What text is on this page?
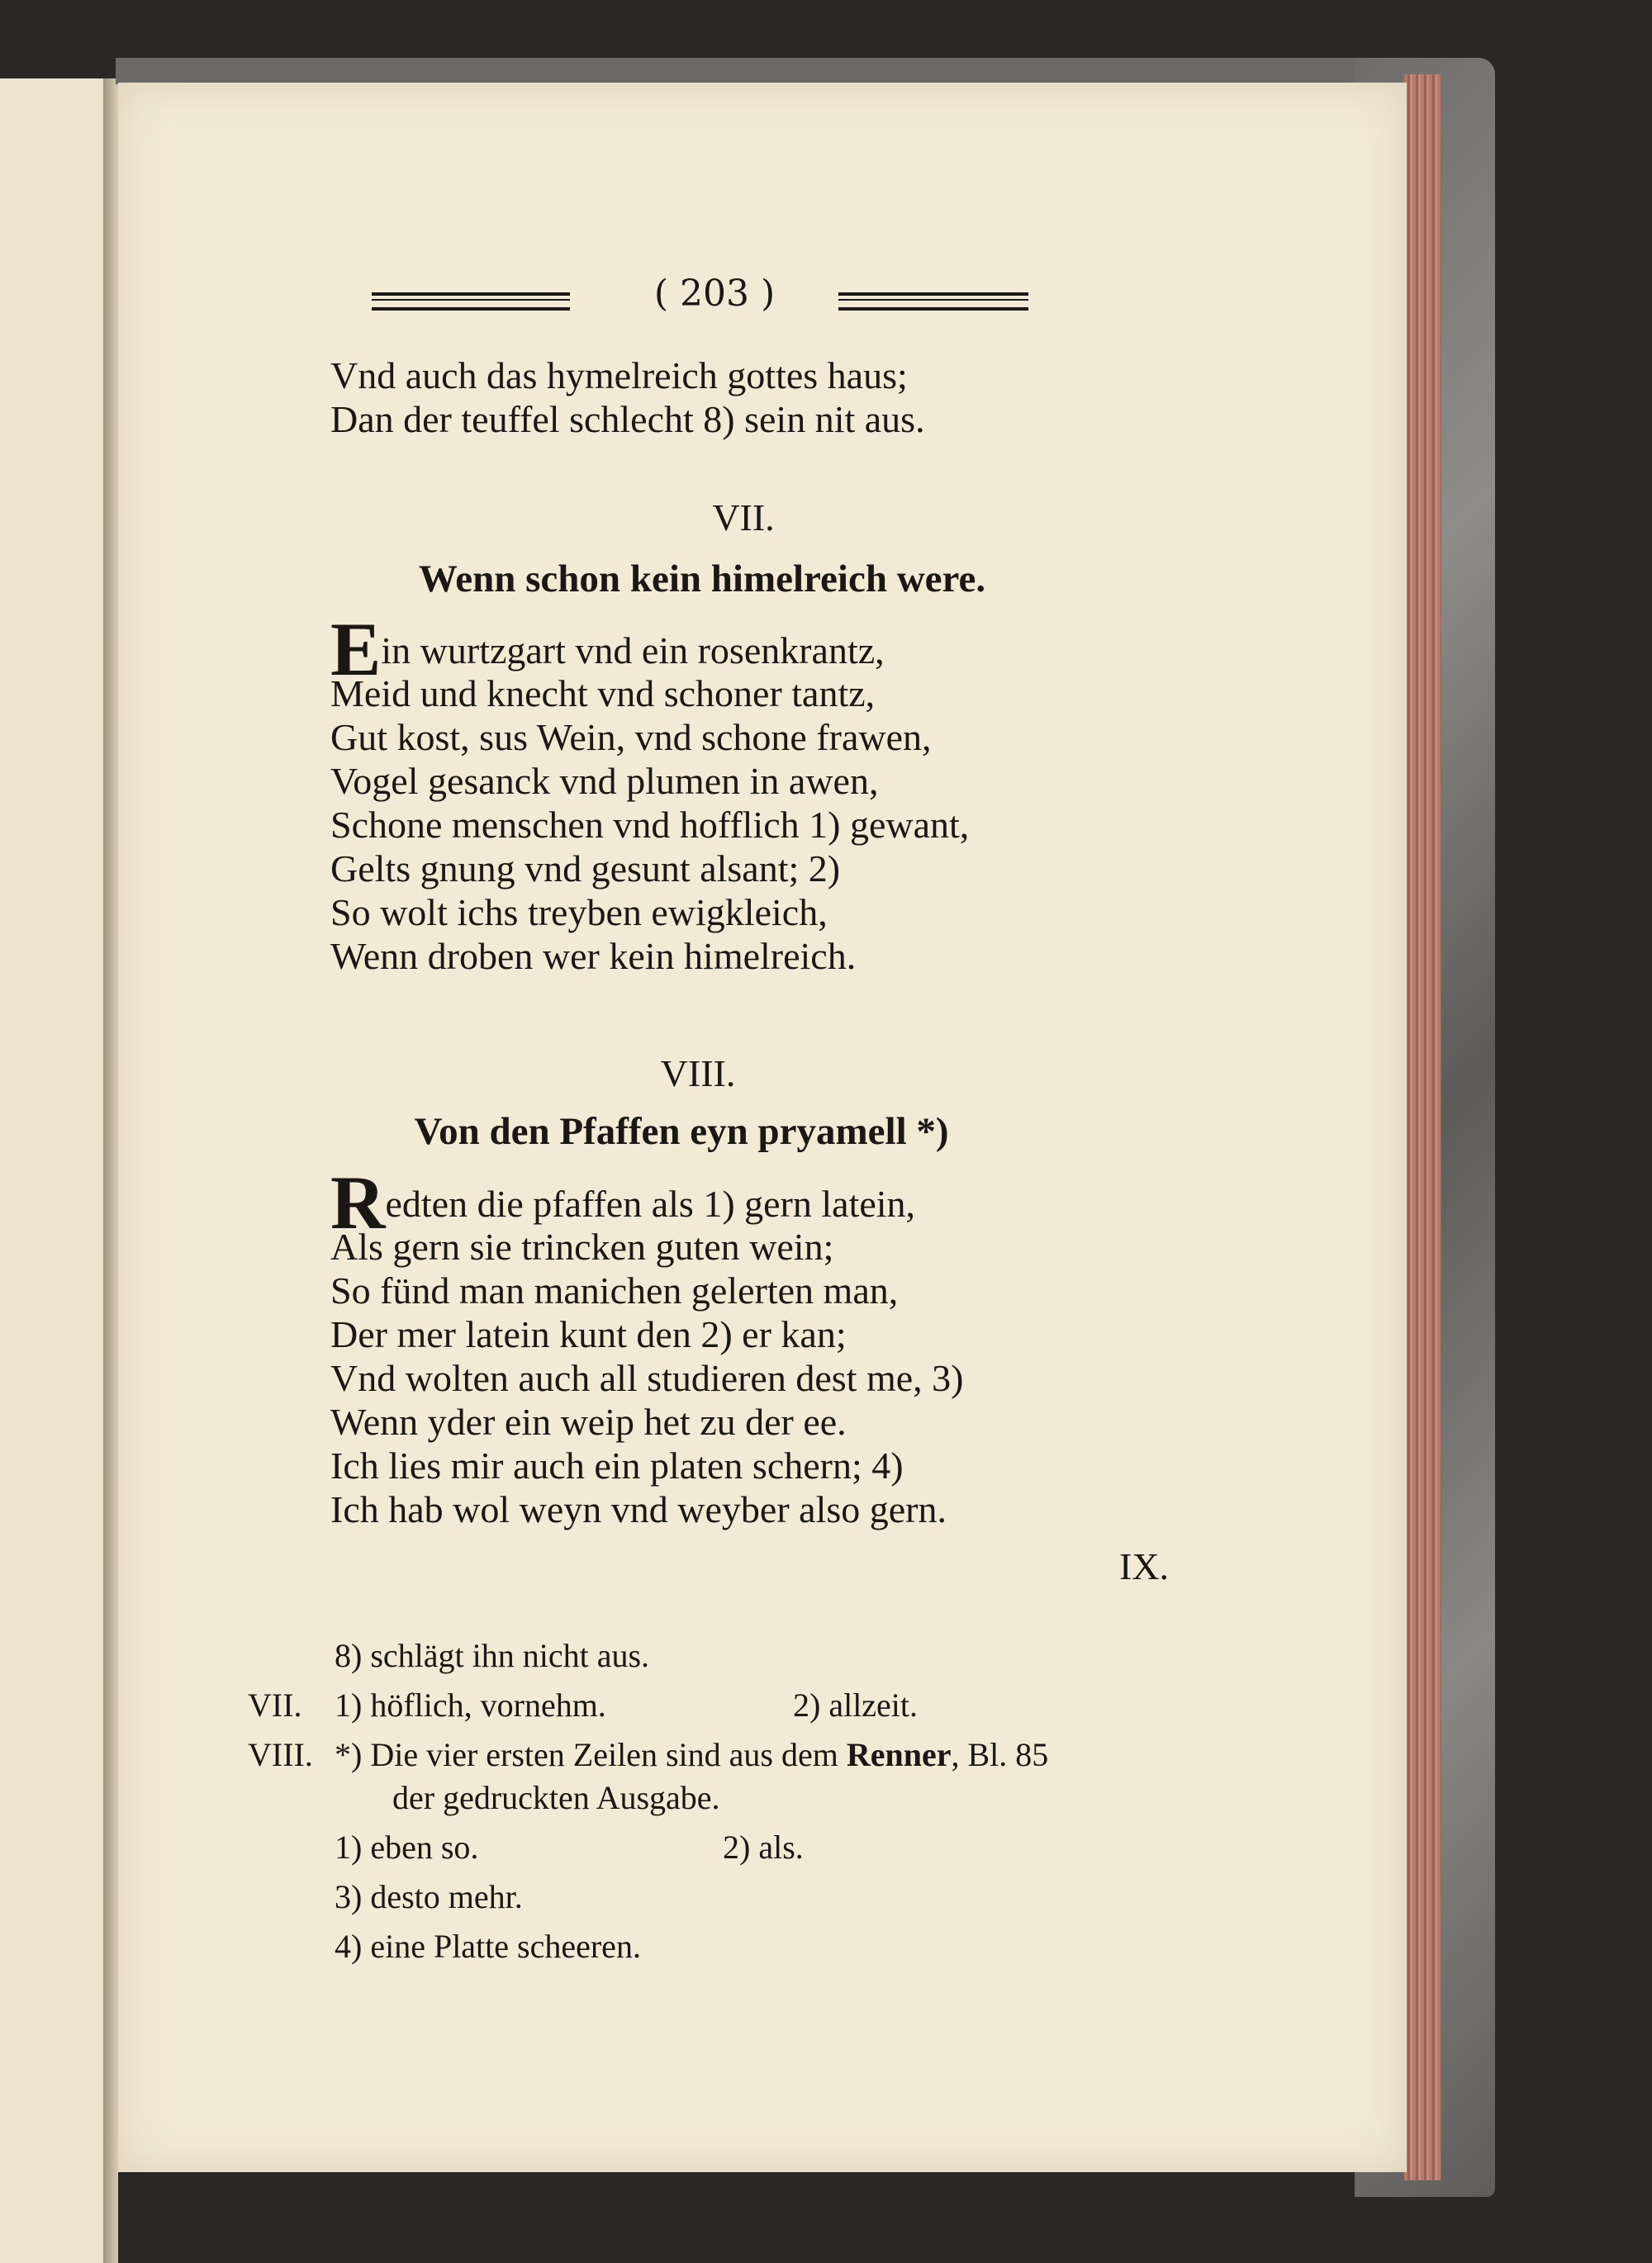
( 203 )
Vnd auch das hymelreich gottes haus;
Dan der teuffel schlecht 8) sein nit aus.
VII.
Wenn schon kein himelreich were.
Ein wurtzgart vnd ein rosenkrantz,
Meid und knecht vnd schoner tantz,
Gut kost, sus Wein, vnd schone frawen,
Vogel gesanck vnd plumen in awen,
Schone menschen vnd hofflich 1) gewant,
Gelts gnung vnd gesunt alsant; 2)
So wolt ichs treyben ewigkleich,
Wenn droben wer kein himelreich.
VIII.
Von den Pfaffen eyn pryamell *)
Redten die pfaffen als 1) gern latein,
Als gern sie trincken guten wein;
So fünd man manichen gelerten man,
Der mer latein kunt den 2) er kan;
Vnd wolten auch all studieren dest me, 3)
Wenn yder ein weip het zu der ee.
Ich lies mir auch ein platen schern; 4)
Ich hab wol weyn vnd weyber also gern.
IX.
8) schlägt ihn nicht aus.
VII. 1) höflich, vornehm.	2) allzeit.
VIII. *) Die vier ersten Zeilen sind aus dem Renner, Bl. 85
der gedruckten Ausgabe.
1) eben so.	2) als.
3) desto mehr.
4) eine Platte scheeren.
